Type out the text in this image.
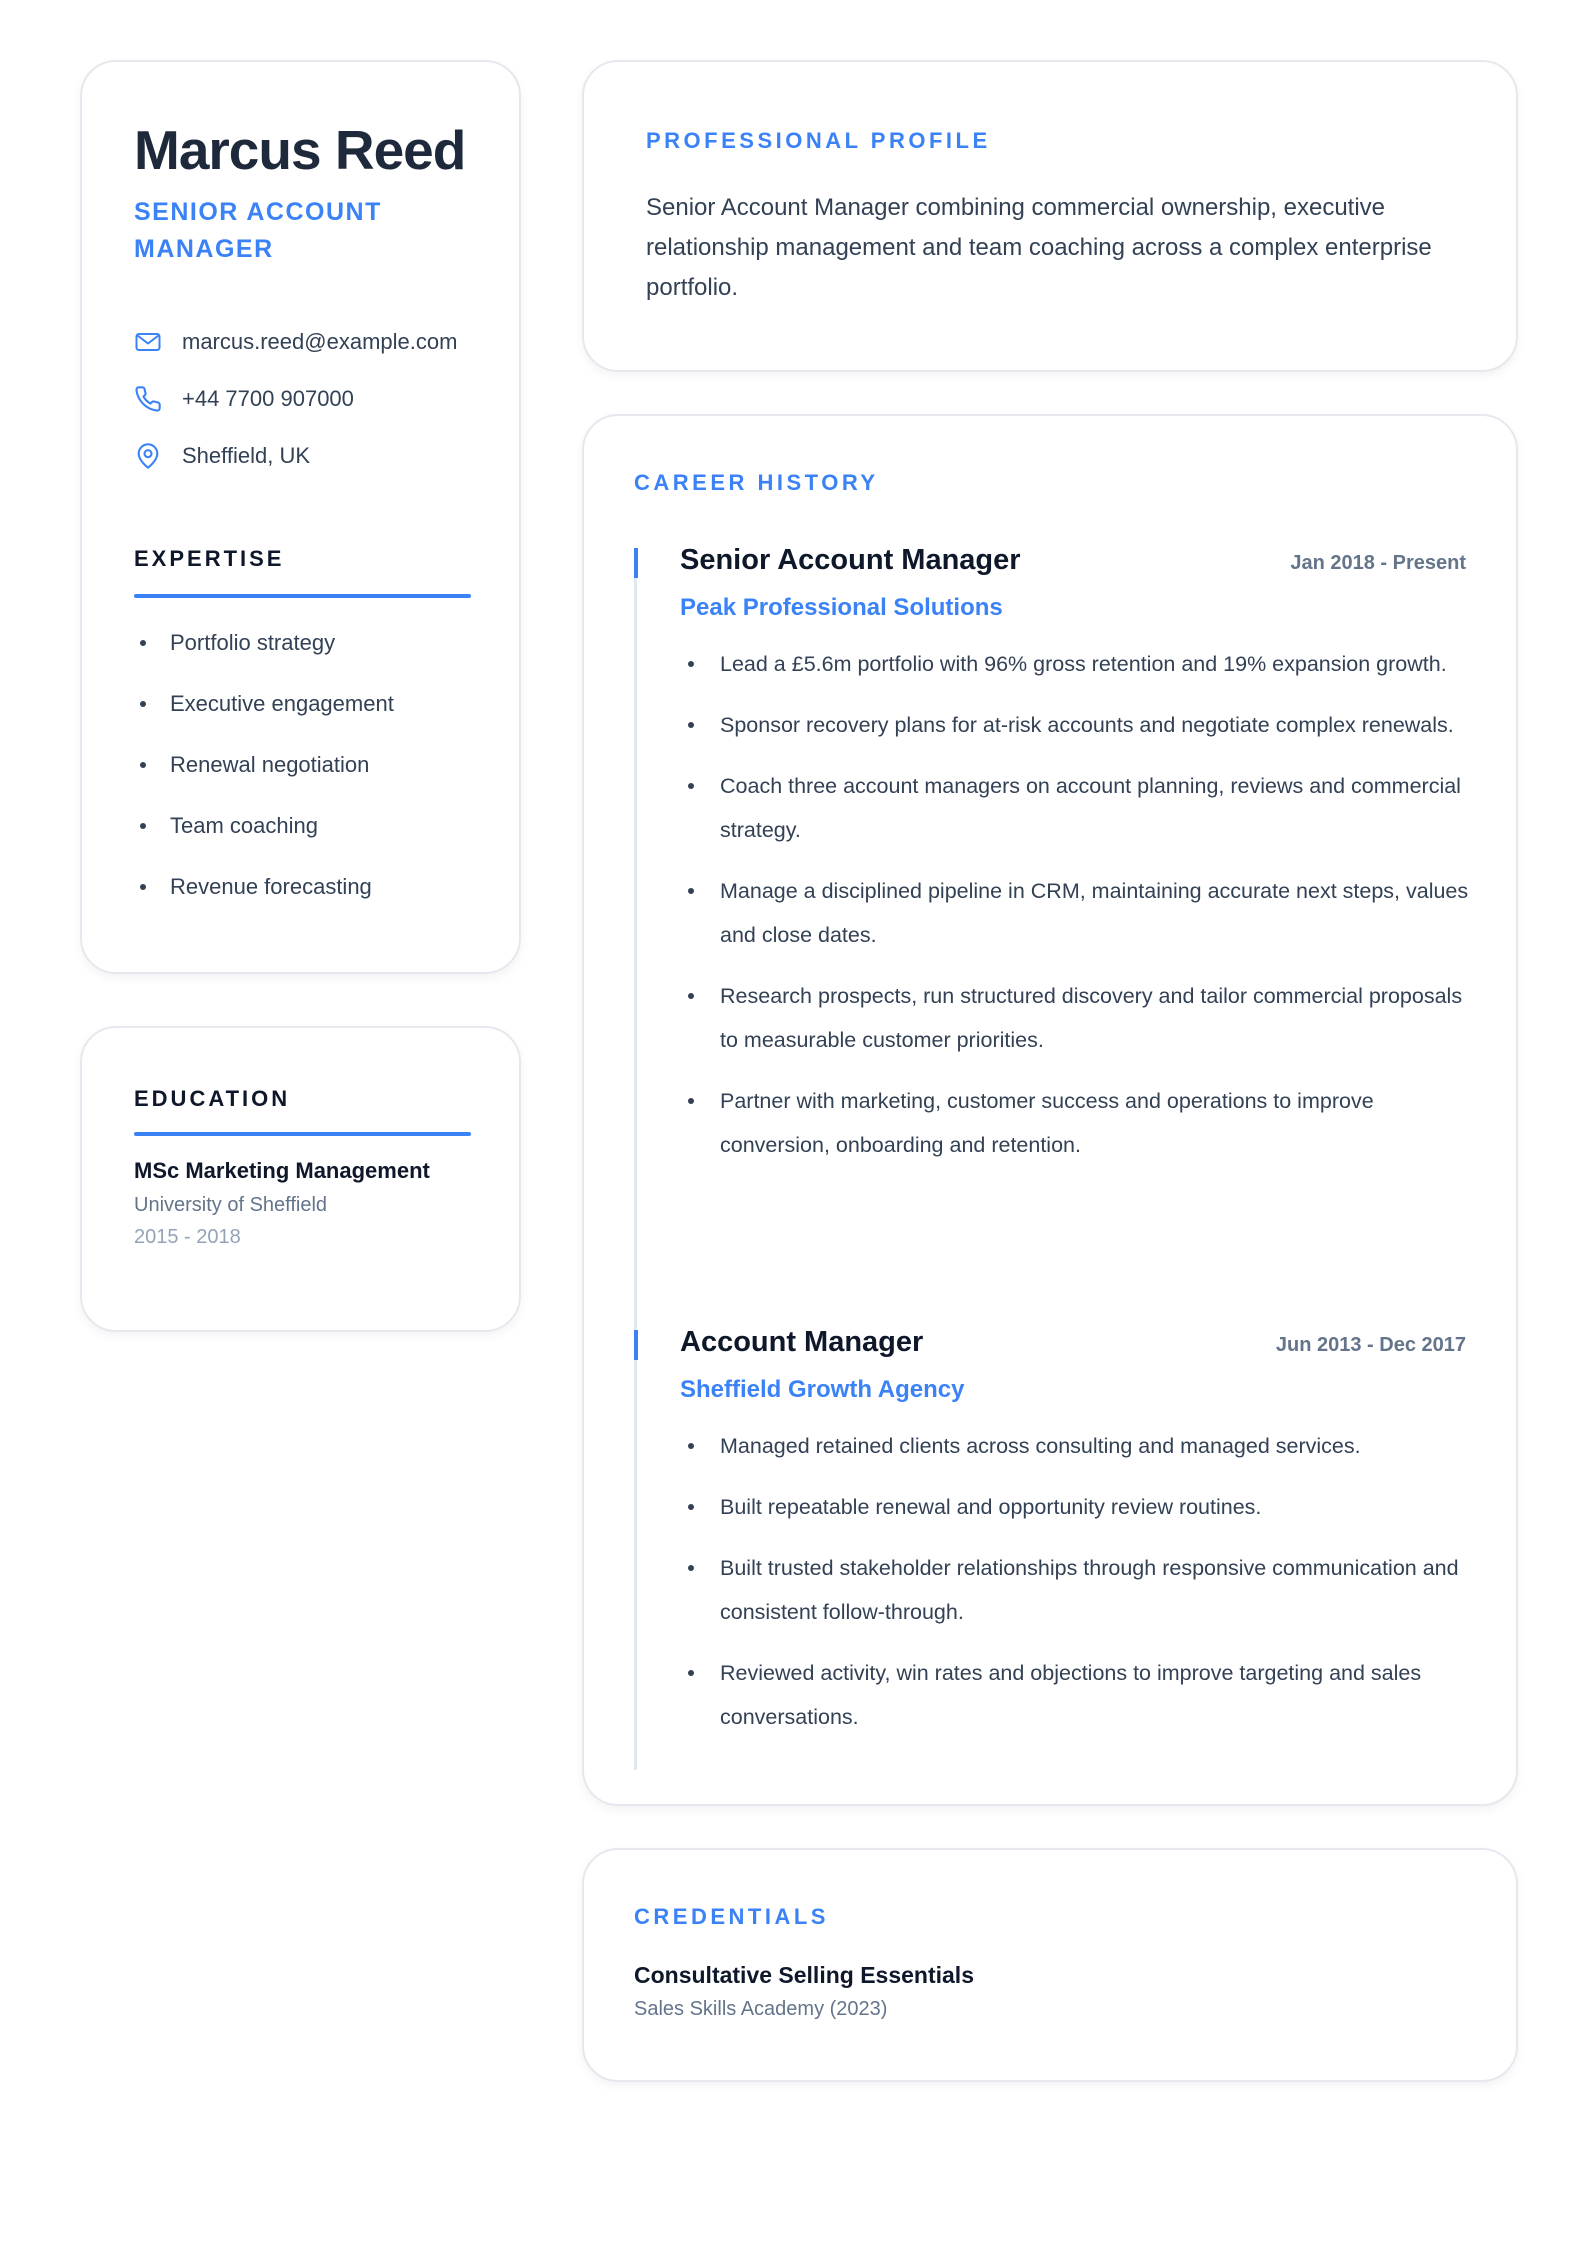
Marcus Reed
SENIOR ACCOUNT MANAGER
marcus.reed@example.com
+44 7700 907000
Sheffield, UK
EXPERTISE
Portfolio strategy
Executive engagement
Renewal negotiation
Team coaching
Revenue forecasting
EDUCATION
MSc Marketing Management
University of Sheffield
2015 - 2018
PROFESSIONAL PROFILE

Senior Account Manager combining commercial ownership, executive relationship management and team coaching across a complex enterprise portfolio.

CAREER HISTORY
Senior Account Manager	Jan 2018 - Present
Peak Professional Solutions
Lead a £5.6m portfolio with 96% gross retention and 19% expansion growth.
Sponsor recovery plans for at-risk accounts and negotiate complex renewals.
Coach three account managers on account planning, reviews and commercial strategy.
Manage a disciplined pipeline in CRM, maintaining accurate next steps, values and close dates.
Research prospects, run structured discovery and tailor commercial proposals to measurable customer priorities.
Partner with marketing, customer success and operations to improve conversion, onboarding and retention.
Account Manager	Jun 2013 - Dec 2017
Sheffield Growth Agency
Managed retained clients across consulting and managed services.
Built repeatable renewal and opportunity review routines.
Built trusted stakeholder relationships through responsive communication and consistent follow-through.
Reviewed activity, win rates and objections to improve targeting and sales conversations.
CREDENTIALS
Consultative Selling Essentials
Sales Skills Academy (2023)
